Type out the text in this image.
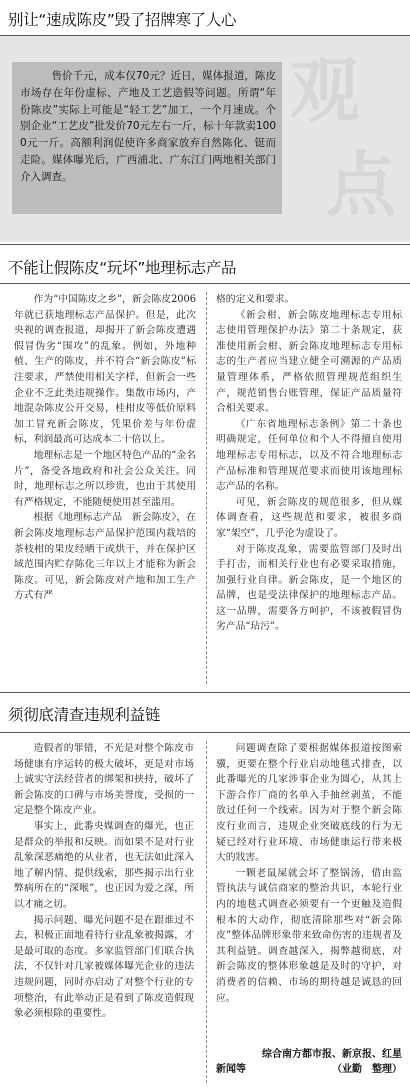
别让“速成陈皮”毁了招牌寒了人心
观
点

售价千元，成本仅70元？近日，媒体报道，陈皮市场存在年份虚标、产地及工艺造假等问题。所谓“年份陈皮”实际上可能是“轻工艺”加工，一个月速成。个别企业“工艺皮”批发价70元左右一斤，标十年款卖1000元一斤。高额利润促使许多商家放弃自然陈化、铤而走险。媒体曝光后，广西浦北、广东江门两地相关部门介入调查。

不能让假陈皮“玩坏”地理标志产品

作为“中国陈皮之乡”，新会陈皮2006年就已获地理标志产品保护。但是，此次央视的调查报道，却揭开了新会陈皮遭遇假冒伪劣“围攻”的乱象。例如，外地种植、生产的陈皮，并不符合“新会陈皮”标注要求，严禁使用相关字样，但新会一些企业不乏此类违规操作。集散市场内，产地混杂陈皮公开交易，桂柑皮等低价原料加工冒充新会陈皮，凭果价差与年份虚标，利润最高可达成本二十倍以上。

地理标志是一个地区特色产品的“金名片”，备受各地政府和社会公众关注。同时，地理标志之所以珍贵，也由于其使用有严格规定，不能随便使用甚至滥用。

根据《地理标志产品　新会陈皮》，在新会陈皮地理标志产品保护范围内栽培的茶枝柑的果皮经晒干或烘干，并在保护区域范围内贮存陈化三年以上才能称为新会陈皮。可见，新会陈皮对产地和加工生产方式有严

格的定义和要求。

《新会柑、新会陈皮地理标志专用标志使用管理保护办法》第二十条规定，获准使用新会柑、新会陈皮地理标志专用标志的生产者应当建立健全可溯源的产品质量管理体系，严格依照管理规范组织生产，规范销售台账管理，保证产品质量符合相关要求。

《广东省地理标志条例》第二十条也明确规定，任何单位和个人不得擅自使用地理标志专用标志，以及不符合地理标志产品标准和管理规范要求而使用该地理标志产品的名称。

可见，新会陈皮的规范很多，但从媒体调查看，这些规范和要求，被很多商家“架空”，几乎沦为虚设了。

对于陈皮乱象，需要监管部门及时出手打击，而相关行业也有必要采取措施，加强行业自律。新会陈皮，是一个地区的品牌，也是受法律保护的地理标志产品。这一品牌，需要各方呵护，不该被假冒伪劣产品“玷污”。

须彻底清查违规利益链

造假者的罪错，不光是对整个陈皮市场健康有序运转的极大破坏，更是对市场上诚实守法经营者的绑架和挟持，破坏了新会陈皮的口碑与市场美誉度，受损的一定是整个陈皮产业。

事实上，此番央媒调查的爆光，也正是群众的举报和反映。而如果不是对行业乱象深恶痛绝的从业者，也无法如此深入地了解内情、提供线索，那些揭示出行业弊病所在的“深喉”，也正因为爱之深，所以才痛之切。

揭示问题、曝光问题不是在跟谁过不去，积极正面地看待行业乱象被揭露，才是最可取的态度。多家监管部门们联合执法，不仅针对几家被媒体曝光企业的违法违规问题，同时亦启动了对整个行业的专项整治，有此举动正是看到了陈皮造假现象必须根除的重要性。

问题调查除了要根据媒体报道按图索骥，更要在整个行业启动地毯式排查，以此番曝光的几家涉事企业为圆心，从其上下游合作厂商的名单入手抽丝剥茧，不能放过任何一个线索。因为对于整个新会陈皮行业而言，违规企业突破底线的行为无疑已经对行业环境、市场健康运行带来极大的戕害。

一颗老鼠屎就会坏了整锅汤，借由监管执法与诚信商家的整治共识，本轮行业内的地毯式调查必须要有一个更触及造假根本的大动作，彻底清除那些对“新会陈皮”整体品牌形象带来致命伤害的违规者及其利益链。调查越深入，揭弊越彻底，对新会陈皮的整体形象越是及时的守护，对消费者的信赖、市场的期待越是诚恳的回应。

综合南方都市报、新京报、红星
新闻等	（业勤　整理）
